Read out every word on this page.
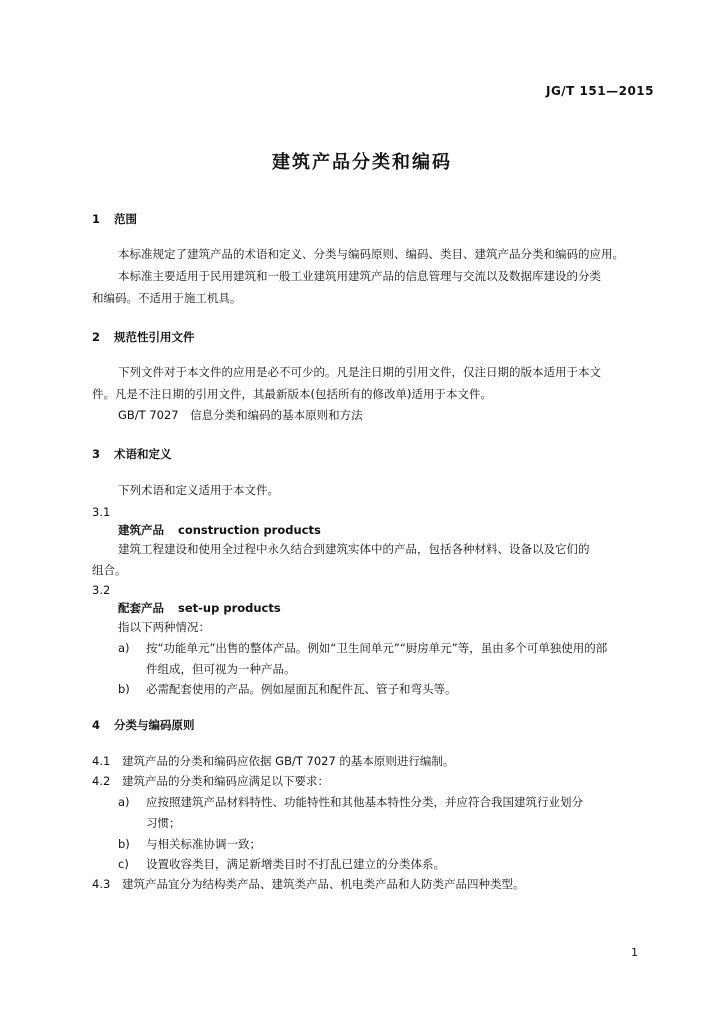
JG/T 151—2015
建筑产品分类和编码
1 范围
本标准规定了建筑产品的术语和定义、分类与编码原则、编码、类目、建筑产品分类和编码的应用。
本标准主要适用于民用建筑和一般工业建筑用建筑产品的信息管理与交流以及数据库建设的分类
和编码。不适用于施工机具。
2 规范性引用文件
下列文件对于本文件的应用是必不可少的。凡是注日期的引用文件，仅注日期的版本适用于本文
件。凡是不注日期的引用文件，其最新版本(包括所有的修改单)适用于本文件。
GB/T 7027　信息分类和编码的基本原则和方法
3 术语和定义
下列术语和定义适用于本文件。
3.1
建筑产品 construction products
建筑工程建设和使用全过程中永久结合到建筑实体中的产品，包括各种材料、设备以及它们的
组合。
3.2
配套产品 set-up products
指以下两种情况：
a) 按“功能单元”出售的整体产品。例如“卫生间单元”“厨房单元”等，虽由多个可单独使用的部
件组成，但可视为一种产品。
b) 必需配套使用的产品。例如屋面瓦和配件瓦、管子和弯头等。
4 分类与编码原则
4.1 建筑产品的分类和编码应依据 GB/T 7027 的基本原则进行编制。
4.2 建筑产品的分类和编码应满足以下要求：
a) 应按照建筑产品材料特性、功能特性和其他基本特性分类，并应符合我国建筑行业划分
习惯；
b) 与相关标准协调一致；
c) 设置收容类目，满足新增类目时不打乱已建立的分类体系。
4.3 建筑产品宜分为结构类产品、建筑类产品、机电类产品和人防类产品四种类型。
1
